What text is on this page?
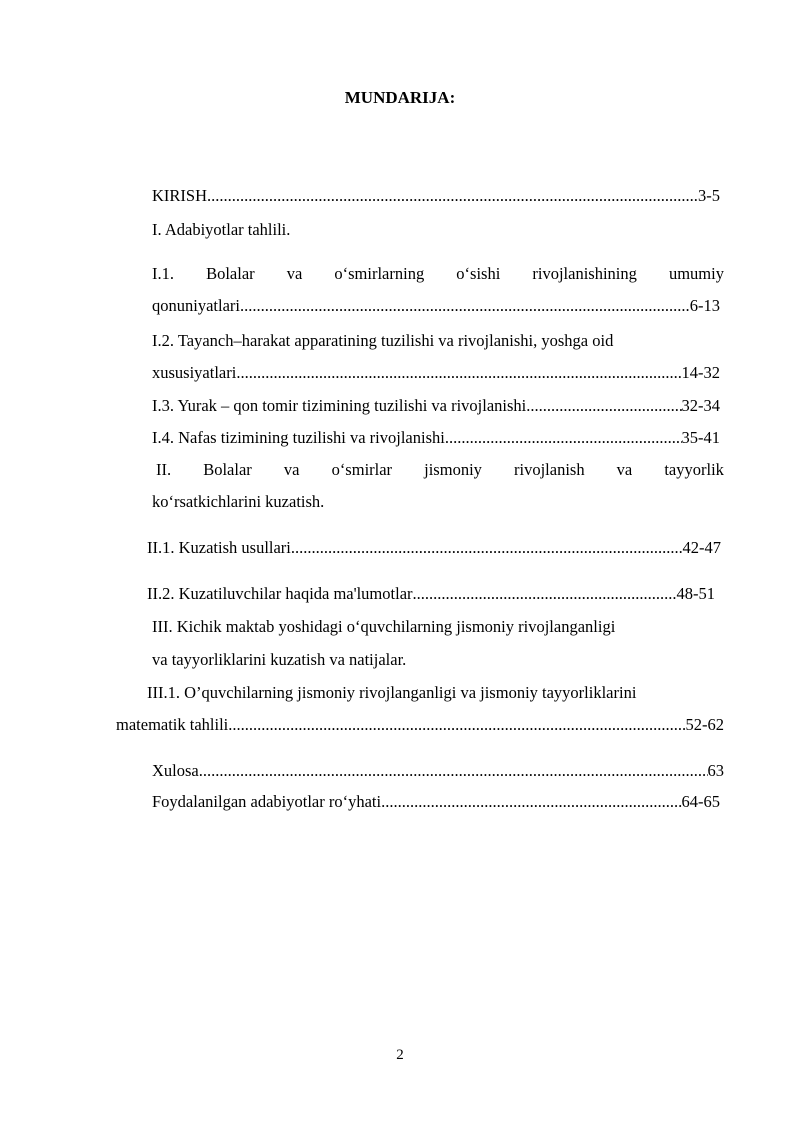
MUNDARIJA:
KIRISH .....	3-5
I. Adabiyotlar tahlili.
I.1. Bolalar va o‘smirlarning o‘sishi rivojlanishining umumiy
qonuniyatlari .....	6-13
I.2. Tayanch–harakat apparatining tuzilishi va rivojlanishi, yoshga oid
xususiyatlari .....	14-32
I.3. Yurak – qon tomir tizimining tuzilishi va rivojlanishi .....	32-34
I.4. Nafas tizimining tuzilishi va rivojlanishi .....	35-41
II. Bolalar va o‘smirlar jismoniy rivojlanish va tayyorlik
ko‘rsatkichlarini kuzatish.
II.1. Kuzatish usullari .....	42-47
II.2. Kuzatiluvchilar haqida ma'lumotlar .....	48-51
III. Kichik maktab yoshidagi o‘quvchilarning jismoniy rivojlanganligi
va tayyorliklarini kuzatish va natijalar.
III.1. O’quvchilarning jismoniy rivojlanganligi va jismoniy tayyorliklarini
matematik tahlili .....	52-62
Xulosa .....	63
Foydalanilgan adabiyotlar ro‘yhati .....	64-65
2
